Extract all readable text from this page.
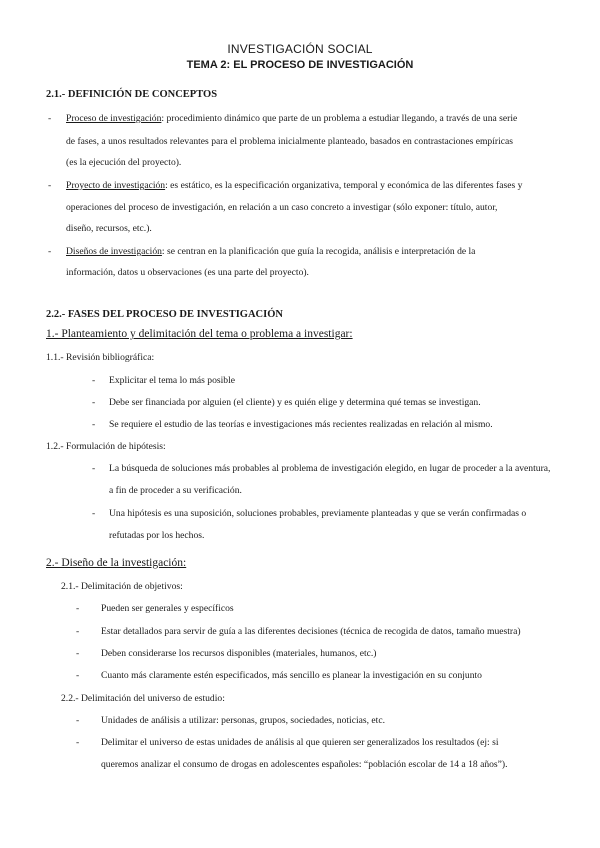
INVESTIGACIÓN SOCIAL
TEMA 2: EL PROCESO DE INVESTIGACIÓN
2.1.- DEFINICIÓN DE CONCEPTOS
- Proceso de investigación: procedimiento dinámico que parte de un problema a estudiar llegando, a través de una serie
de fases, a unos resultados relevantes para el problema inicialmente planteado, basados en contrastaciones empíricas
(es la ejecución del proyecto).
- Proyecto de investigación: es estático, es la especificación organizativa, temporal y económica de las diferentes fases y
operaciones del proceso de investigación, en relación a un caso concreto a investigar (sólo exponer: título, autor,
diseño, recursos, etc.).
- Diseños de investigación: se centran en la planificación que guía la recogida, análisis e interpretación de la
información, datos u observaciones (es una parte del proyecto).
2.2.- FASES DEL PROCESO DE INVESTIGACIÓN
1.- Planteamiento y delimitación del tema o problema a investigar:
1.1.- Revisión bibliográfica:
- Explicitar el tema lo más posible
- Debe ser financiada por alguien (el cliente) y es quién elige y determina qué temas se investigan.
- Se requiere el estudio de las teorías e investigaciones más recientes realizadas en relación al mismo.
1.2.- Formulación de hipótesis:
- La búsqueda de soluciones más probables al problema de investigación elegido, en lugar de proceder a la aventura,
a fin de proceder a su verificación.
- Una hipótesis es una suposición, soluciones probables, previamente planteadas y que se verán confirmadas o
refutadas por los hechos.
2.- Diseño de la investigación:
2.1.- Delimitación de objetivos:
- Pueden ser generales y específicos
- Estar detallados para servir de guía a las diferentes decisiones (técnica de recogida de datos, tamaño muestra)
- Deben considerarse los recursos disponibles (materiales, humanos, etc.)
- Cuanto más claramente estén especificados, más sencillo es planear la investigación en su conjunto
2.2.- Delimitación del universo de estudio:
- Unidades de análisis a utilizar: personas, grupos, sociedades, noticias, etc.
- Delimitar el universo de estas unidades de análisis al que quieren ser generalizados los resultados (ej: si
queremos analizar el consumo de drogas en adolescentes españoles: “población escolar de 14 a 18 años”).
